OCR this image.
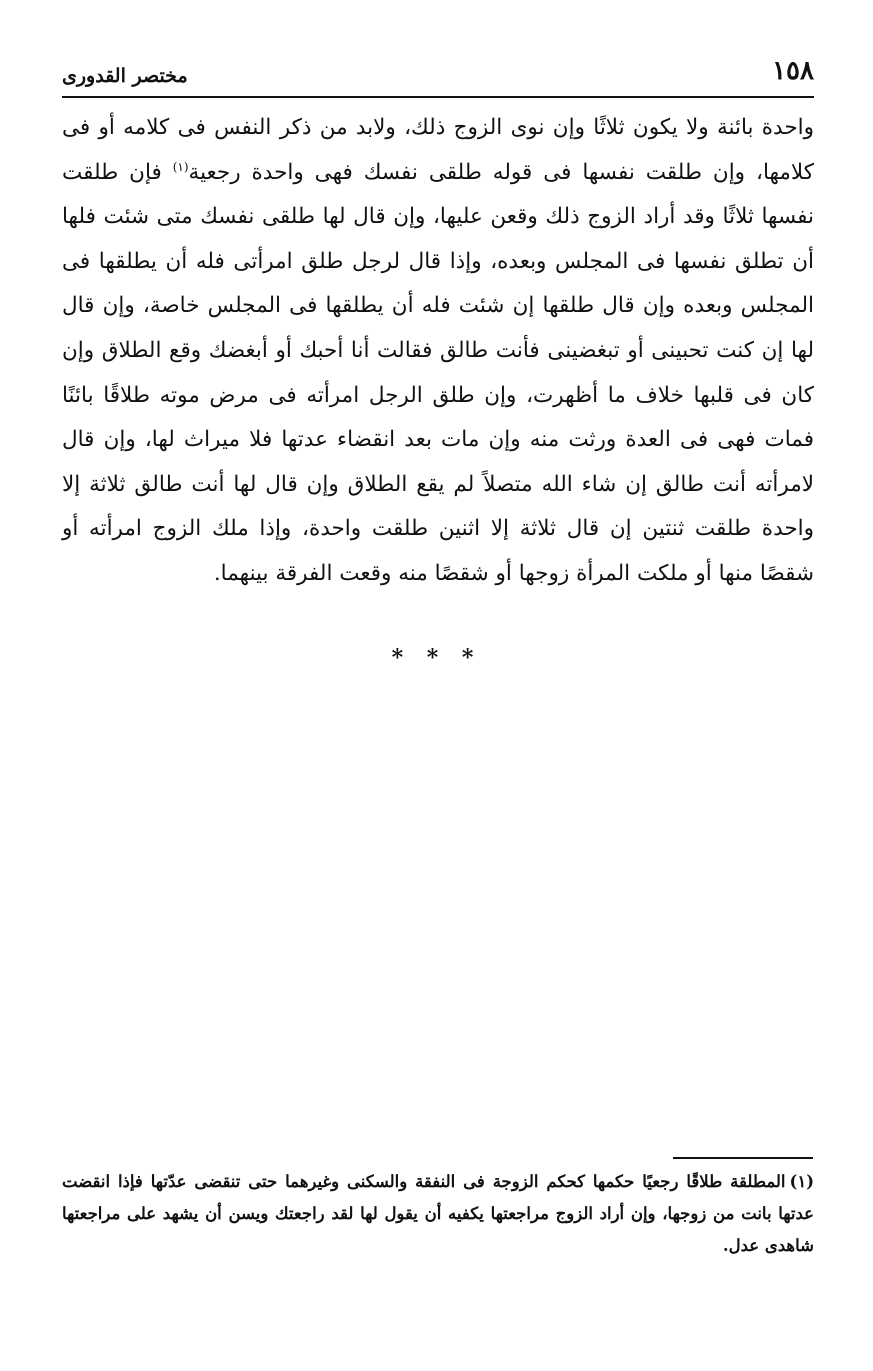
١٥٨
مختصر القدورى

واحدة بائنة ولا يكون ثلاثًا وإن نوى الزوج ذلك، ولابد من ذكر النفس فى كلامه أو فى كلامها، وإن طلقت نفسها فى قوله طلقى نفسك فهى واحدة رجعية$^{(١)}$ فإن طلقت نفسها ثلاثًا وقد أراد الزوج ذلك وقعن عليها، وإن قال لها طلقى نفسك متى شئت فلها أن تطلق نفسها فى المجلس وبعده، وإذا قال لرجل طلق امرأتى فله أن يطلقها فى المجلس وبعده وإن قال طلقها إن شئت فله أن يطلقها فى المجلس خاصة، وإن قال لها إن كنت تحبينى أو تبغضينى فأنت طالق فقالت أنا أحبك أو أبغضك وقع الطلاق وإن كان فى قلبها خلاف ما أظهرت، وإن طلق الرجل امرأته فى مرض موته طلاقًا بائنًا فمات فهى فى العدة ورثت منه وإن مات بعد انقضاء عدتها فلا ميراث لها، وإن قال لامرأته أنت طالق إن شاء الله متصلاً لم يقع الطلاق وإن قال لها أنت طالق ثلاثة إلا واحدة طلقت ثنتين إن قال ثلاثة إلا اثنين طلقت واحدة، وإذا ملك الزوج امرأته أو شقصًا منها أو ملكت المرأة زوجها أو شقصًا منه وقعت الفرقة بينهما.

* * *

(١)المطلقة طلاقًا رجعيًا حكمها كحكم الزوجة فى النفقة والسكنى وغيرهما حتى تنقضى عدّتها فإذا انقضت عدتها بانت من زوجها، وإن أراد الزوج مراجعتها يكفيه أن يقول لها لقد راجعتك ويسن أن يشهد على مراجعتها شاهدى عدل.
